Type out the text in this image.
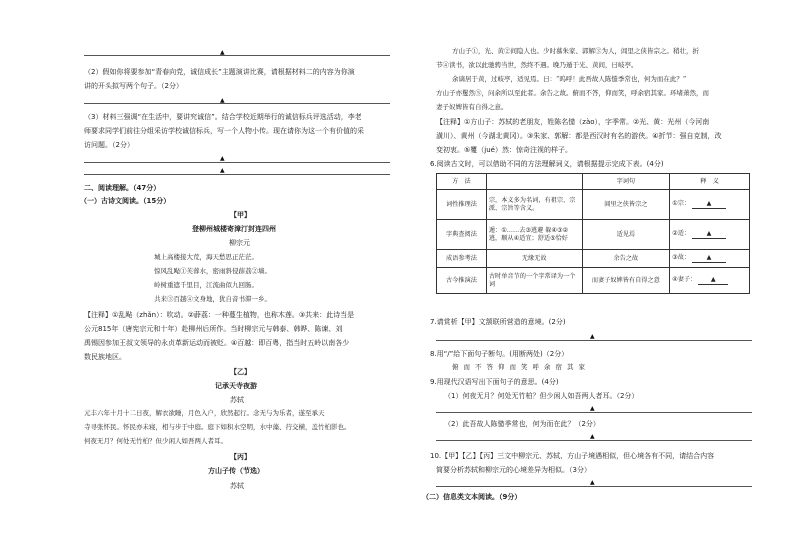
▲
（2）假如你将要参加“青春向党，诚信成长”主题演讲比赛，请根据材料二的内容为你演
讲的开头拟写两个句子。（2分）
▲
（3）材料三强调“在生活中，要讲究诚信”。结合学校近期举行的诚信标兵评选活动，李老
师要求同学们前往分组采访学校诚信标兵，写一个人物小传。现在请你为这一个有价值的采
访问题。（2分）
▲
▲
二、阅读理解。（47分）
（一）古诗文阅读。（15分）
【甲】
登柳州城楼寄漳汀封连四州
柳宗元
城上高楼接大荒，海天愁思正茫茫。
惊风乱飐①芙蓉水，密雨斜侵薜荔②墙。
岭树重遮千里目，江流曲似九回肠。
共来③百越④文身地，犹自音书滞一乡。
【注释】①乱飐（zhǎn）：吹动。②薜荔：一种蔓生植物，也称木莲。③共来：此诗当是
公元815年（唐宪宗元和十年）赴柳州后所作。当时柳宗元与韩泰、韩晔、陈谏、刘
禹锡因参加王叔文领导的永贞革新运动而被贬。④百越：即百粤，指当时五岭以南各少
数民族地区。
【乙】
记承天寺夜游
苏轼
元丰六年十月十二日夜，解衣欲睡，月色入户，欣然起行。念无与为乐者，遂至承天
寺寻张怀民。怀民亦未寝，相与步于中庭。庭下如积水空明，水中藻、荇交横，盖竹柏影也。
何夜无月？何处无竹柏？但少闲人如吾两人者耳。
【丙】
方山子传（节选）
苏轼
方山子①，光、黄②间隐人也。少时慕朱家、郭解③为人，闾里之侠皆宗之。稍壮，折
节④读书，欲以此驰骋当世，然终不遇。晚乃遁于光、黄间，曰岐亭。
余谪居于黄，过岐亭，适见焉。曰：“呜呼！此吾故人陈慥季常也，何为而在此？”
方山子亦矍然⑤，问余所以至此者。余告之故。俯而不答，仰而笑，呼余宿其家。环堵萧然，而
妻子奴婢皆有自得之意。
【注释】①方山子：苏轼的老朋友，姓陈名慥（zào），字季常。②光、黄：光州（今河南
潢川）、黄州（今湖北黄冈）。③朱家、郭解：都是西汉时有名的游侠。④折节：强自克制，改
变初衷。⑤矍（jué）然：惊奇注视的样子。
6.阅读古文时，可以借助不同的方法理解词义，请根据提示完成下表。(4分)
方　法		字词句	释　义
词性推理法	宗，本义多为名词，有祖宗、宗派、宗旨等含义。	闾里之侠皆宗之	①宗： ▲
字典查阅法	遁：①……去③逃避 躲④③②逃，顺从④适宜；舒适⑤恰好	适见焉	②适： ▲
成语参考法	无缘无故	余告之故	③故： ▲
古今推演法	古时单音节的一个字常译为一个词	而妻子奴婢皆有自得之意	④妻子： ▲
7.请赏析【甲】文颔联所营造的意境。(2分)
▲
8.用“/”给下面句子断句。(用断两处)（2分）
俯而不答仰而笑呼余宿其家
9.用现代汉语写出下面句子的意思。(4分)
（1）何夜无月？何处无竹柏？但少闲人如吾两人者耳。（2分）
▲
（2）此吾故人陈慥季常也，何为而在此？（2分）
▲
10.【甲】【乙】【丙】三文中柳宗元、苏轼、方山子境遇相似，但心境各有不同，请结合内容
简要分析苏轼和柳宗元的心境差异为相似。（3分）
▲
（二）信息类文本阅读。（9分）
